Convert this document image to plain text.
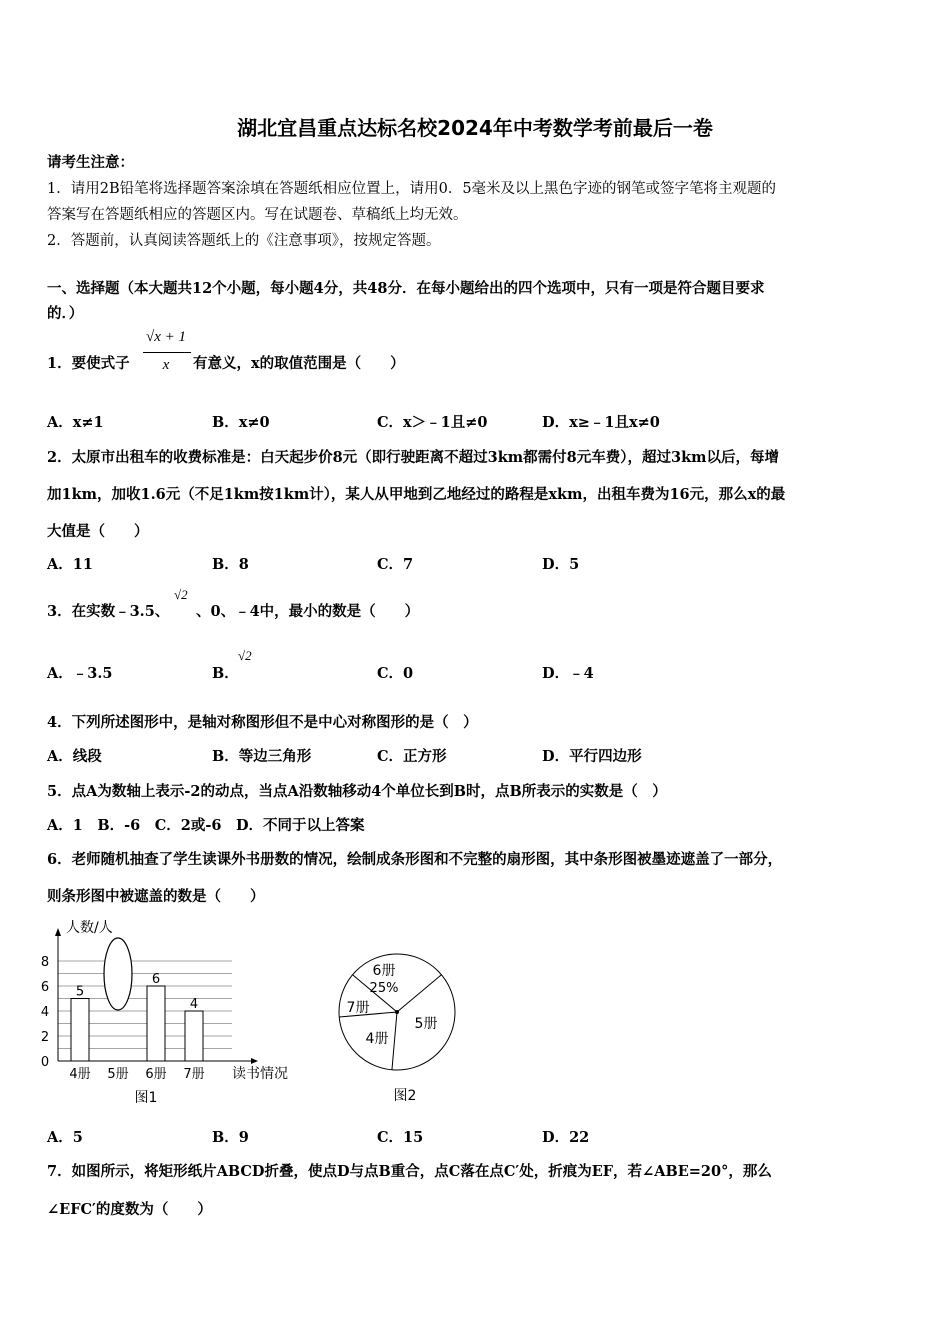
湖北宜昌重点达标名校2024年中考数学考前最后一卷
请考生注意：
1．请用2B铅笔将选择题答案涂填在答题纸相应位置上，请用0．5毫米及以上黑色字迹的钢笔或签字笔将主观题的
答案写在答题纸相应的答题区内。写在试题卷、草稿纸上均无效。
2．答题前，认真阅读答题纸上的《注意事项》，按规定答题。
一、选择题（本大题共12个小题，每小题4分，共48分．在每小题给出的四个选项中，只有一项是符合题目要求
的．）
1．要使式子
√x + 1
x	有意义，x的取值范围是（　　）
A．x≠1	B．x≠0	C．x＞﹣1且≠0	D．x≥﹣1且x≠0
2．太原市出租车的收费标准是：白天起步价8元（即行驶距离不超过3km都需付8元车费），超过3km以后，每增
加1km，加收1.6元（不足1km按1km计），某人从甲地到乙地经过的路程是xkm，出租车费为16元，那么x的最
大值是（　　）
A．11	B．8	C．7	D．5
3．在实数﹣3.5、
√2
、0、﹣4中，最小的数是（　　）
A．﹣3.5	B．
√2
C．0	D．﹣4
4．下列所述图形中，是轴对称图形但不是中心对称图形的是（　）
A．线段	B．等边三角形	C．正方形	D．平行四边形
5．点A为数轴上表示-2的动点，当点A沿数轴移动4个单位长到B时，点B所表示的实数是（　）
A．1　B．-6　C．2或-6　D．不同于以上答案
6．老师随机抽查了学生读课外书册数的情况，绘制成条形图和不完整的扇形图，其中条形图被墨迹遮盖了一部分，
则条形图中被遮盖的数是（　　）
0
2
4
6
8
人数/人
读书情况
5
4册 5册
6
6册
4
7册
图1
6册
25%
5册
4册
7册
图2
A．5	B．9	C．15	D．22
7．如图所示，将矩形纸片ABCD折叠，使点D与点B重合，点C落在点C′处，折痕为EF，若∠ABE=20°，那么
∠EFC′的度数为（　　）
